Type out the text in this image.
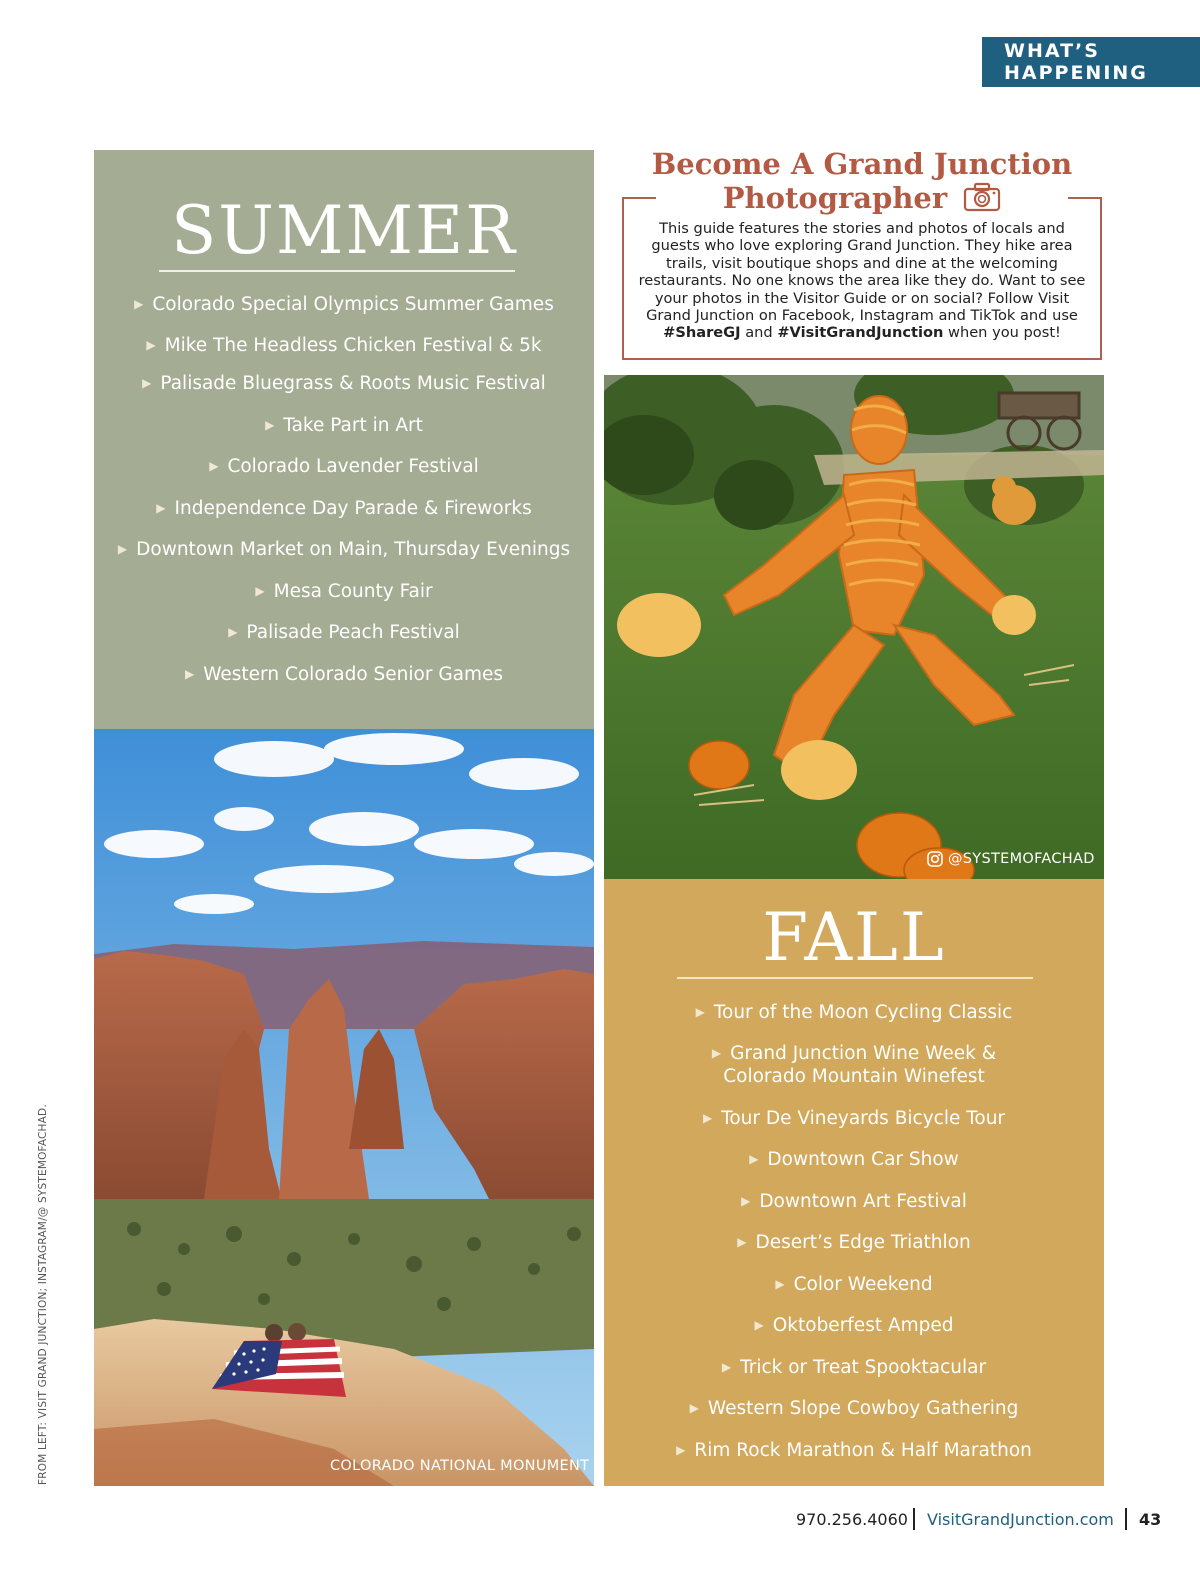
WHAT’S HAPPENING
SUMMER
▶ Colorado Special Olympics Summer Games
▶ Mike The Headless Chicken Festival & 5k
▶ Palisade Bluegrass & Roots Music Festival
▶ Take Part in Art
▶ Colorado Lavender Festival
▶ Independence Day Parade & Fireworks
▶ Downtown Market on Main, Thursday Evenings
▶ Mesa County Fair
▶ Palisade Peach Festival
▶ Western Colorado Senior Games
COLORADO NATIONAL MONUMENT
Become A Grand Junction
Photographer
This guide features the stories and photos of locals and guests who love exploring Grand Junction. They hike area trails, visit boutique shops and dine at the welcoming restaurants. No one knows the area like they do. Want to see your photos in the Visitor Guide or on social? Follow Visit Grand Junction on Facebook, Instagram and TikTok and use #ShareGJ and #VisitGrandJunction when you post!
@SYSTEMOFACHAD
FALL
▶ Tour of the Moon Cycling Classic
▶ Grand Junction Wine Week &
Colorado Mountain Winefest
▶ Tour De Vineyards Bicycle Tour
▶ Downtown Car Show
▶ Downtown Art Festival
▶ Desert’s Edge Triathlon
▶ Color Weekend
▶ Oktoberfest Amped
▶ Trick or Treat Spooktacular
▶ Western Slope Cowboy Gathering
▶ Rim Rock Marathon & Half Marathon
FROM LEFT: VISIT GRAND JUNCTION; INSTAGRAM/@ SYSTEMOFACHAD.
970.256.4060 VisitGrandJunction.com 43
